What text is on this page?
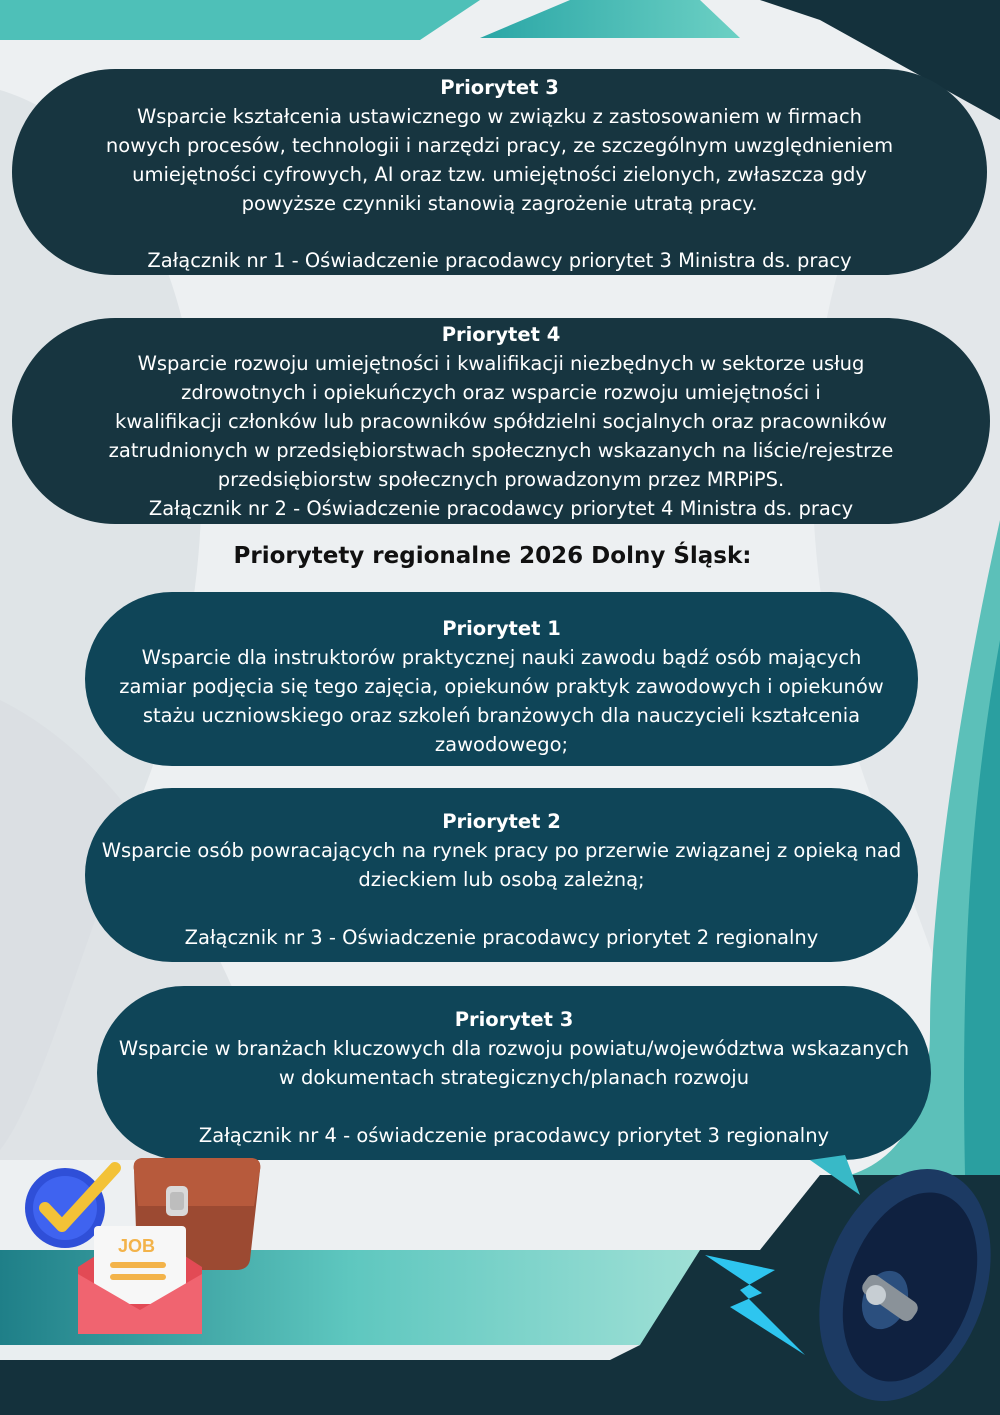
Priorytet 3
Wsparcie kształcenia ustawicznego w związku z zastosowaniem w firmach
nowych procesów, technologii i narzędzi pracy, ze szczególnym uwzględnieniem
umiejętności cyfrowych, AI oraz tzw. umiejętności zielonych, zwłaszcza gdy
powyższe czynniki stanowią zagrożenie utratą pracy.
Załącznik nr 1 - Oświadczenie pracodawcy priorytet 3 Ministra ds. pracy
Priorytet 4
Wsparcie rozwoju umiejętności i kwalifikacji niezbędnych w sektorze usług
zdrowotnych i opiekuńczych oraz wsparcie rozwoju umiejętności i
kwalifikacji członków lub pracowników spółdzielni socjalnych oraz pracowników
zatrudnionych w przedsiębiorstwach społecznych wskazanych na liście/rejestrze
przedsiębiorstw społecznych prowadzonym przez MRPiPS.
Załącznik nr 2 - Oświadczenie pracodawcy priorytet 4 Ministra ds. pracy
Priorytety regionalne 2026 Dolny Śląsk:
Priorytet 1
Wsparcie dla instruktorów praktycznej nauki zawodu bądź osób mających
zamiar podjęcia się tego zajęcia, opiekunów praktyk zawodowych i opiekunów
stażu uczniowskiego oraz szkoleń branżowych dla nauczycieli kształcenia
zawodowego;
Priorytet 2
Wsparcie osób powracających na rynek pracy po przerwie związanej z opieką nad
dzieckiem lub osobą zależną;
Załącznik nr 3 - Oświadczenie pracodawcy priorytet 2 regionalny
Priorytet 3
Wsparcie w branżach kluczowych dla rozwoju powiatu/województwa wskazanych
w dokumentach strategicznych/planach rozwoju
Załącznik nr 4 - oświadczenie pracodawcy priorytet 3 regionalny
JOB
